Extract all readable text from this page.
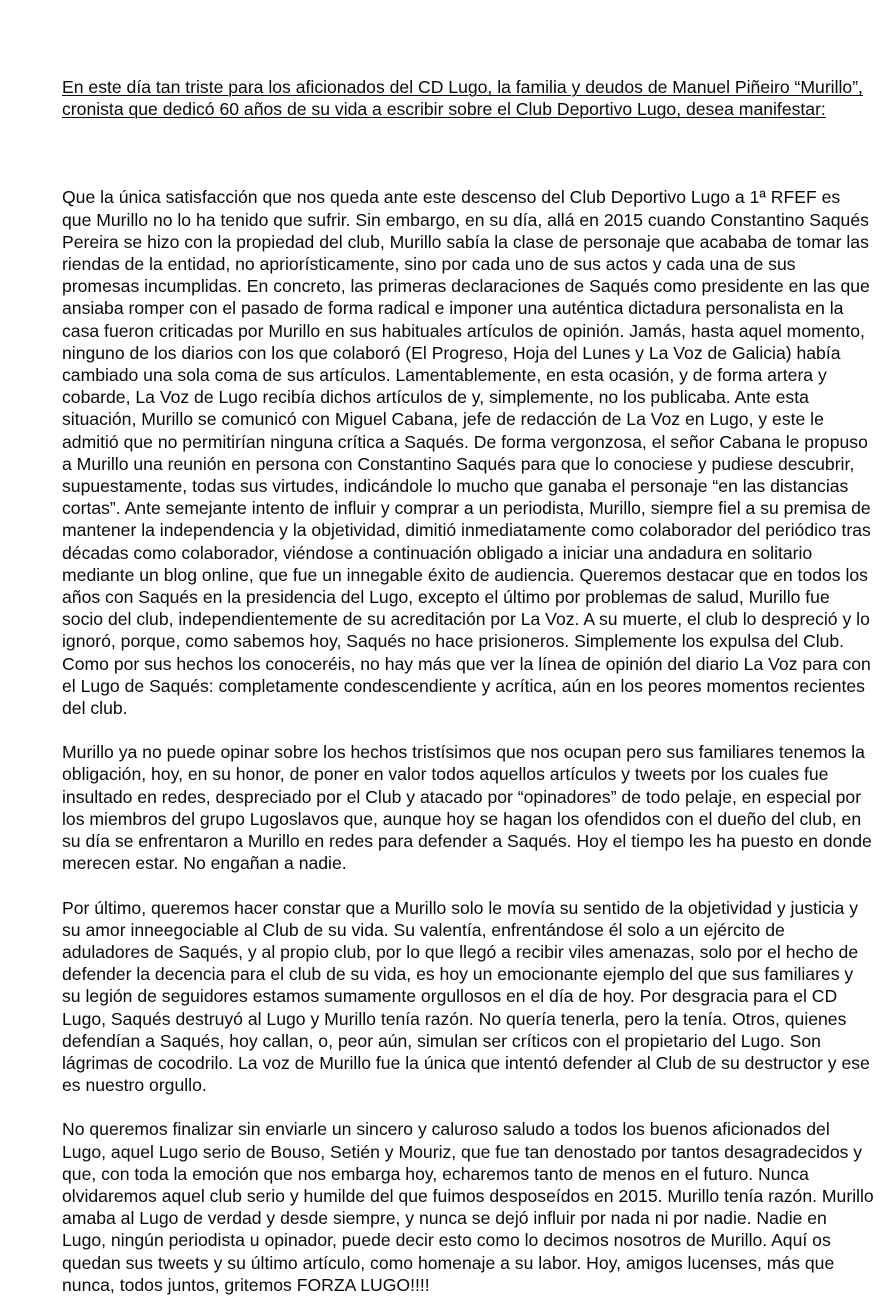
En este día tan triste para los aficionados del CD Lugo, la familia y deudos de Manuel Piñeiro “Murillo”, cronista que dedicó 60 años de su vida a escribir sobre el Club Deportivo Lugo, desea manifestar:

Que la única satisfacción que nos queda ante este descenso del Club Deportivo Lugo a 1ª RFEF es que Murillo no lo ha tenido que sufrir. Sin embargo, en su día, allá en 2015 cuando Constantino Saqués Pereira se hizo con la propiedad del club, Murillo sabía la clase de personaje que acababa de tomar las riendas de la entidad, no apriorísticamente, sino por cada uno de sus actos y cada una de sus promesas incumplidas. En concreto, las primeras declaraciones de Saqués como presidente en las que ansiaba romper con el pasado de forma radical e imponer una auténtica dictadura personalista en la casa fueron criticadas por Murillo en sus habituales artículos de opinión. Jamás, hasta aquel momento, ninguno de los diarios con los que colaboró (El Progreso, Hoja del Lunes y La Voz de Galicia) había cambiado una sola coma de sus artículos. Lamentablemente, en esta ocasión, y de forma artera y cobarde, La Voz de Lugo recibía dichos artículos de y, simplemente, no los publicaba. Ante esta situación, Murillo se comunicó con Miguel Cabana, jefe de redacción de La Voz en Lugo, y este le admitió que no permitirían ninguna crítica a Saqués. De forma vergonzosa, el señor Cabana le propuso a Murillo una reunión en persona con Constantino Saqués para que lo conociese y pudiese descubrir, supuestamente, todas sus virtudes, indicándole lo mucho que ganaba el personaje “en las distancias cortas”. Ante semejante intento de influir y comprar a un periodista, Murillo, siempre fiel a su premisa de mantener la independencia y la objetividad, dimitió inmediatamente como colaborador del periódico tras décadas como colaborador, viéndose a continuación obligado a iniciar una andadura en solitario mediante un blog online, que fue un innegable éxito de audiencia. Queremos destacar que en todos los años con Saqués en la presidencia del Lugo, excepto el último por problemas de salud, Murillo fue socio del club, independientemente de su acreditación por La Voz. A su muerte, el club lo despreció y lo ignoró, porque, como sabemos hoy, Saqués no hace prisioneros. Simplemente los expulsa del Club. Como por sus hechos los conoceréis, no hay más que ver la línea de opinión del diario La Voz para con el Lugo de Saqués: completamente condescendiente y acrítica, aún en los peores momentos recientes del club.

Murillo ya no puede opinar sobre los hechos tristísimos que nos ocupan pero sus familiares tenemos la obligación, hoy, en su honor, de poner en valor todos aquellos artículos y tweets por los cuales fue insultado en redes, despreciado por el Club y atacado por “opinadores” de todo pelaje, en especial por los miembros del grupo Lugoslavos que, aunque hoy se hagan los ofendidos con el dueño del club, en su día se enfrentaron a Murillo en redes para defender a Saqués. Hoy el tiempo les ha puesto en donde merecen estar. No engañan a nadie.

Por último, queremos hacer constar que a Murillo solo le movía su sentido de la objetividad y justicia y su amor inneegociable al Club de su vida. Su valentía, enfrentándose él solo a un ejército de aduladores de Saqués, y al propio club, por lo que llegó a recibir viles amenazas, solo por el hecho de defender la decencia para el club de su vida, es hoy un emocionante ejemplo del que sus familiares y su legión de seguidores estamos sumamente orgullosos en el día de hoy. Por desgracia para el CD Lugo, Saqués destruyó al Lugo y Murillo tenía razón. No quería tenerla, pero la tenía. Otros, quienes defendían a Saqués, hoy callan, o, peor aún, simulan ser críticos con el propietario del Lugo. Son lágrimas de cocodrilo. La voz de Murillo fue la única que intentó defender al Club de su destructor y ese es nuestro orgullo.

No queremos finalizar sin enviarle un sincero y caluroso saludo a todos los buenos aficionados del Lugo, aquel Lugo serio de Bouso, Setién y Mouriz, que fue tan denostado por tantos desagradecidos y que, con toda la emoción que nos embarga hoy, echaremos tanto de menos en el futuro. Nunca olvidaremos aquel club serio y humilde del que fuimos desposeídos en 2015. Murillo tenía razón. Murillo amaba al Lugo de verdad y desde siempre, y nunca se dejó influir por nada ni por nadie. Nadie en Lugo, ningún periodista u opinador, puede decir esto como lo decimos nosotros de Murillo. Aquí os quedan sus tweets y su último artículo, como homenaje a su labor. Hoy, amigos lucenses, más que nunca, todos juntos, gritemos FORZA LUGO!!!!
